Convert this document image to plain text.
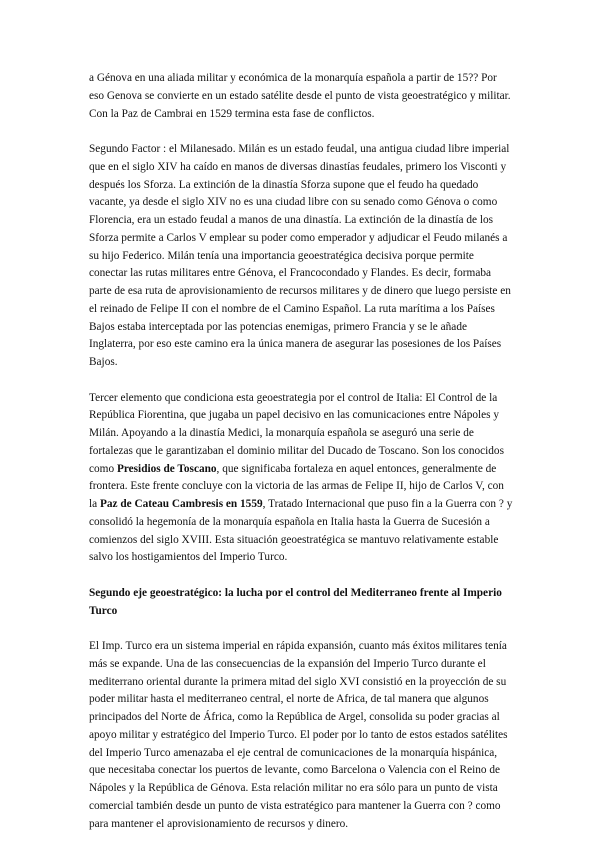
a Génova en una aliada militar y económica de la monarquía española a partir de 15?? Por eso Genova se convierte en un estado satélite desde el punto de vista geoestratégico y militar. Con la Paz de Cambrai en 1529 termina esta fase de conflictos.

Segundo Factor : el Milanesado. Milán es un estado feudal, una antigua ciudad libre imperial que en el siglo XIV ha caído en manos de diversas dinastías feudales, primero los Visconti y después los Sforza. La extinción de la dinastía Sforza supone que el feudo ha quedado vacante, ya desde el siglo XIV no es una ciudad libre con su senado como Génova o como Florencia, era un estado feudal a manos de una dinastía. La extinción de la dinastía de los Sforza permite a Carlos V emplear su poder como emperador y adjudicar el Feudo milanés a su hijo Federico. Milán tenía una importancia geoestratégica decisiva porque permite conectar las rutas militares entre Génova, el Francocondado y Flandes. Es decir, formaba parte de esa ruta de aprovisionamiento de recursos militares y de dinero que luego persiste en el reinado de Felipe II con el nombre de el Camino Español. La ruta marítima a los Países Bajos estaba interceptada por las potencias enemigas, primero Francia y se le añade Inglaterra, por eso este camino era la única manera de asegurar las posesiones de los Países Bajos.

Tercer elemento que condiciona esta geoestrategia por el control de Italia: El Control de la República Fiorentina, que jugaba un papel decisivo en las comunicaciones entre Nápoles y Milán. Apoyando a la dinastía Medici, la monarquía española se aseguró una serie de fortalezas que le garantizaban el dominio militar del Ducado de Toscano. Son los conocidos como Presidios de Toscano, que significaba fortaleza en aquel entonces, generalmente de frontera. Este frente concluye con la victoria de las armas de Felipe II, hijo de Carlos V, con la Paz de Cateau Cambresis en 1559, Tratado Internacional que puso fin a la Guerra con ? y consolidó la hegemonía de la monarquía española en Italia hasta la Guerra de Sucesión a comienzos del siglo XVIII. Esta situación geoestratégica se mantuvo relativamente estable salvo los hostigamientos del Imperio Turco.

Segundo eje geoestratégico: la lucha por el control del Mediterraneo frente al Imperio Turco

El Imp. Turco era un sistema imperial en rápida expansión, cuanto más éxitos militares tenía más se expande. Una de las consecuencias de la expansión del Imperio Turco durante el mediterrano oriental durante la primera mitad del siglo XVI consistió en la proyección de su poder militar hasta el mediterraneo central, el norte de Africa, de tal manera que algunos principados del Norte de África, como la República de Argel, consolida su poder gracias al apoyo militar y estratégico del Imperio Turco. El poder por lo tanto de estos estados satélites del Imperio Turco amenazaba el eje central de comunicaciones de la monarquía hispánica, que necesitaba conectar los puertos de levante, como Barcelona o Valencia con el Reino de Nápoles y la República de Génova. Esta relación militar no era sólo para un punto de vista comercial también desde un punto de vista estratégico para mantener la Guerra con ? como para mantener el aprovisionamiento de recursos y dinero.
